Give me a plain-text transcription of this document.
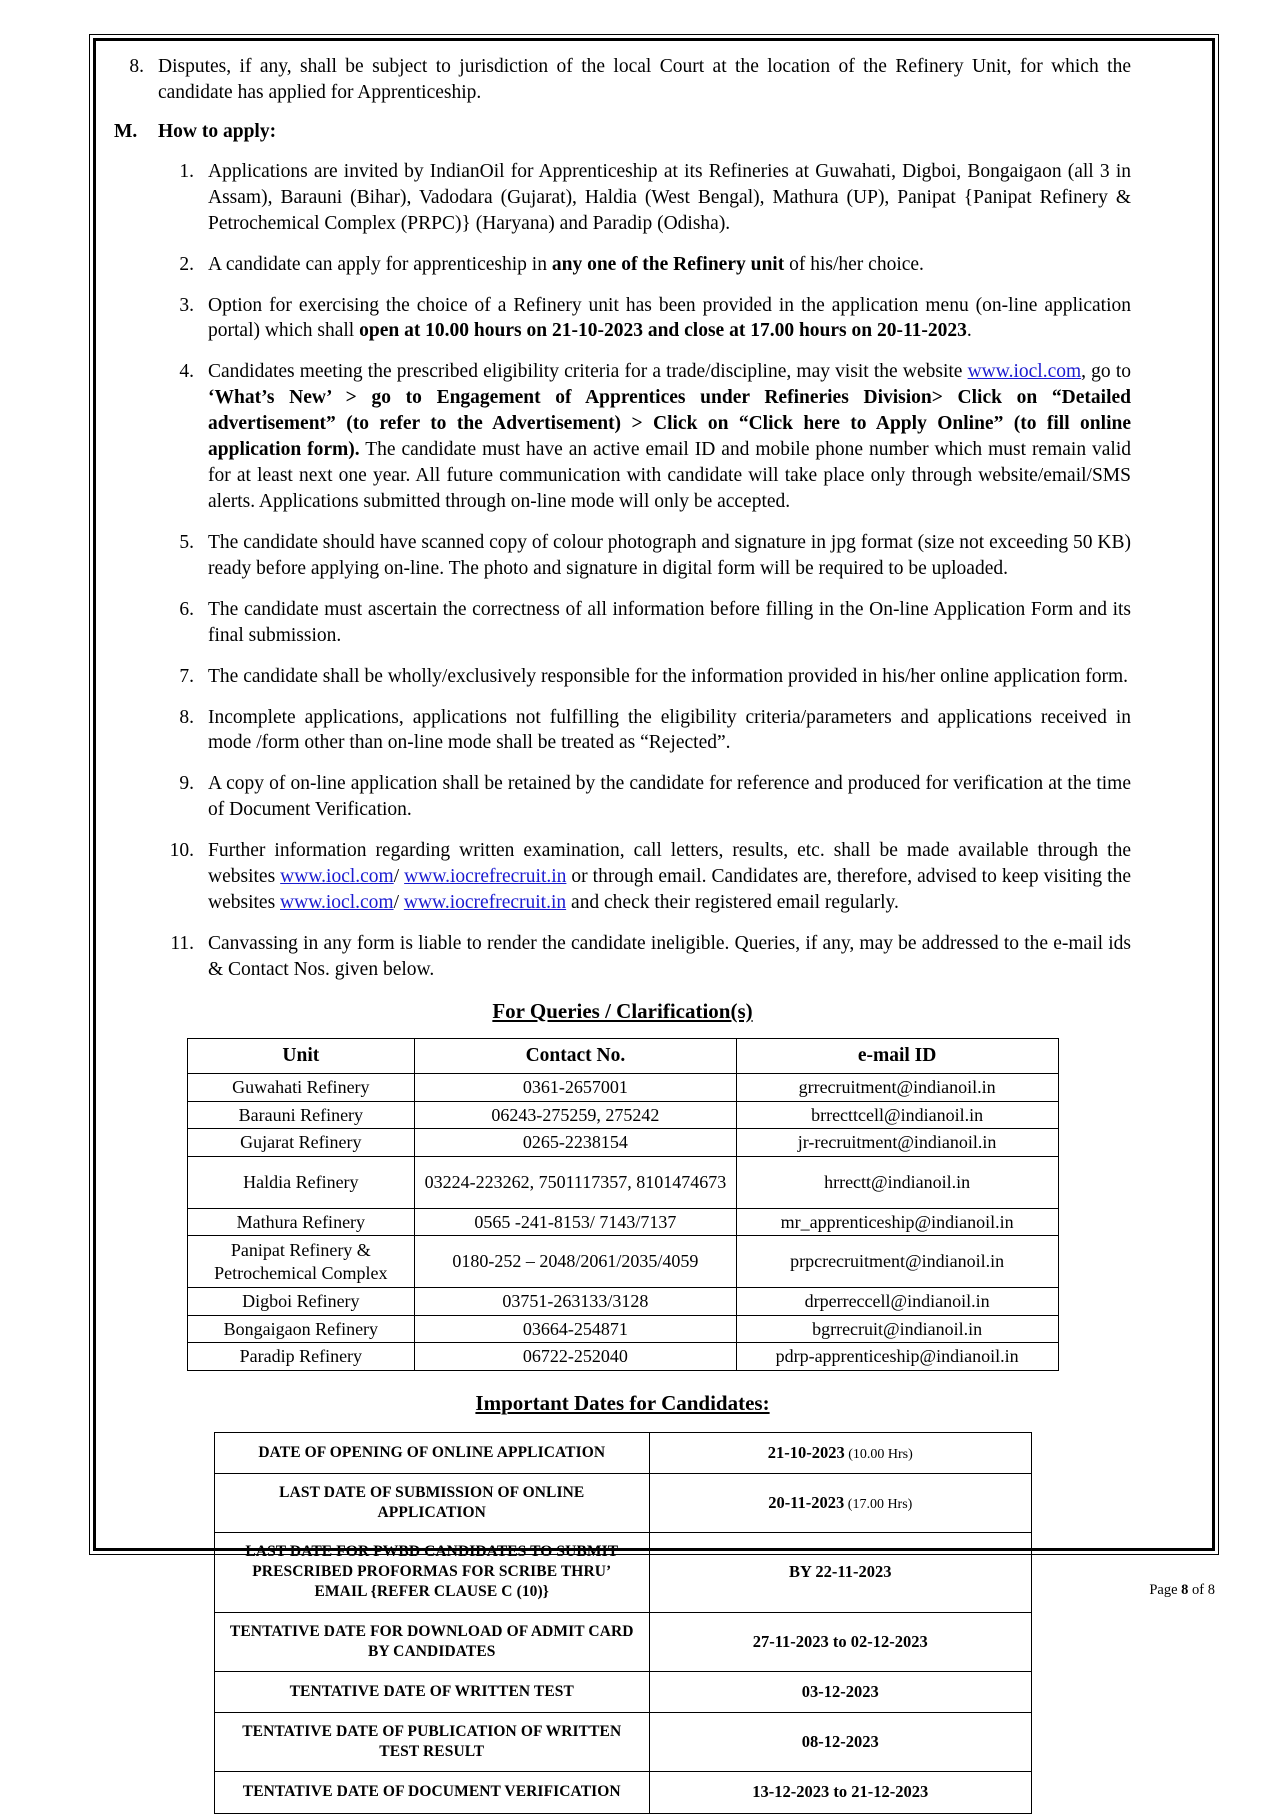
8. Disputes, if any, shall be subject to jurisdiction of the local Court at the location of the Refinery Unit, for which the candidate has applied for Apprenticeship.
M.	How to apply:
1. Applications are invited by IndianOil for Apprenticeship at its Refineries at Guwahati, Digboi, Bongaigaon (all 3 in Assam), Barauni (Bihar), Vadodara (Gujarat), Haldia (West Bengal), Mathura (UP), Panipat {Panipat Refinery & Petrochemical Complex (PRPC)} (Haryana) and Paradip (Odisha).
2. A candidate can apply for apprenticeship in any one of the Refinery unit of his/her choice.
3. Option for exercising the choice of a Refinery unit has been provided in the application menu (on-line application portal) which shall open at 10.00 hours on 21-10-2023 and close at 17.00 hours on 20-11-2023.
4. Candidates meeting the prescribed eligibility criteria for a trade/discipline, may visit the website www.iocl.com, go to ‘What’s New’ > go to Engagement of Apprentices under Refineries Division> Click on “Detailed advertisement” (to refer to the Advertisement) > Click on “Click here to Apply Online” (to fill online application form). The candidate must have an active email ID and mobile phone number which must remain valid for at least next one year. All future communication with candidate will take place only through website/email/SMS alerts. Applications submitted through on-line mode will only be accepted.
5. The candidate should have scanned copy of colour photograph and signature in jpg format (size not exceeding 50 KB) ready before applying on-line. The photo and signature in digital form will be required to be uploaded.
6. The candidate must ascertain the correctness of all information before filling in the On-line Application Form and its final submission.
7. The candidate shall be wholly/exclusively responsible for the information provided in his/her online application form.
8. Incomplete applications, applications not fulfilling the eligibility criteria/parameters and applications received in mode /form other than on-line mode shall be treated as “Rejected”.
9. A copy of on-line application shall be retained by the candidate for reference and produced for verification at the time of Document Verification.
10. Further information regarding written examination, call letters, results, etc. shall be made available through the websites www.iocl.com/ www.iocrefrecruit.in or through email. Candidates are, therefore, advised to keep visiting the websites www.iocl.com/ www.iocrefrecruit.in and check their registered email regularly.
11. Canvassing in any form is liable to render the candidate ineligible. Queries, if any, may be addressed to the e-mail ids & Contact Nos. given below.
For Queries / Clarification(s)
Unit	Contact No.	e-mail ID
Guwahati Refinery	0361-2657001	grrecruitment@indianoil.in
Barauni Refinery	06243-275259, 275242	brrecttcell@indianoil.in
Gujarat Refinery	0265-2238154	jr-recruitment@indianoil.in
Haldia Refinery	03224-223262, 7501117357, 8101474673	hrrectt@indianoil.in
Mathura Refinery	0565 -241-8153/ 7143/7137	mr_apprenticeship@indianoil.in
Panipat Refinery & Petrochemical Complex	0180-252 – 2048/2061/2035/4059	prpcrecruitment@indianoil.in
Digboi Refinery	03751-263133/3128	drperreccell@indianoil.in
Bongaigaon Refinery	03664-254871	bgrrecruit@indianoil.in
Paradip Refinery	06722-252040	pdrp-apprenticeship@indianoil.in
Important Dates for Candidates:
DATE OF OPENING OF ONLINE APPLICATION	21-10-2023 (10.00 Hrs)
LAST DATE OF SUBMISSION OF ONLINE APPLICATION	20-11-2023 (17.00 Hrs)
LAST DATE FOR PWBD CANDIDATES TO SUBMIT PRESCRIBED PROFORMAS FOR SCRIBE THRU’ EMAIL {REFER CLAUSE C (10)}	BY 22-11-2023
TENTATIVE DATE FOR DOWNLOAD OF ADMIT CARD BY CANDIDATES	27-11-2023 to 02-12-2023
TENTATIVE DATE OF WRITTEN TEST	03-12-2023
TENTATIVE DATE OF PUBLICATION OF WRITTEN TEST RESULT	08-12-2023
TENTATIVE DATE OF DOCUMENT VERIFICATION	13-12-2023 to 21-12-2023
Page 8 of 8
